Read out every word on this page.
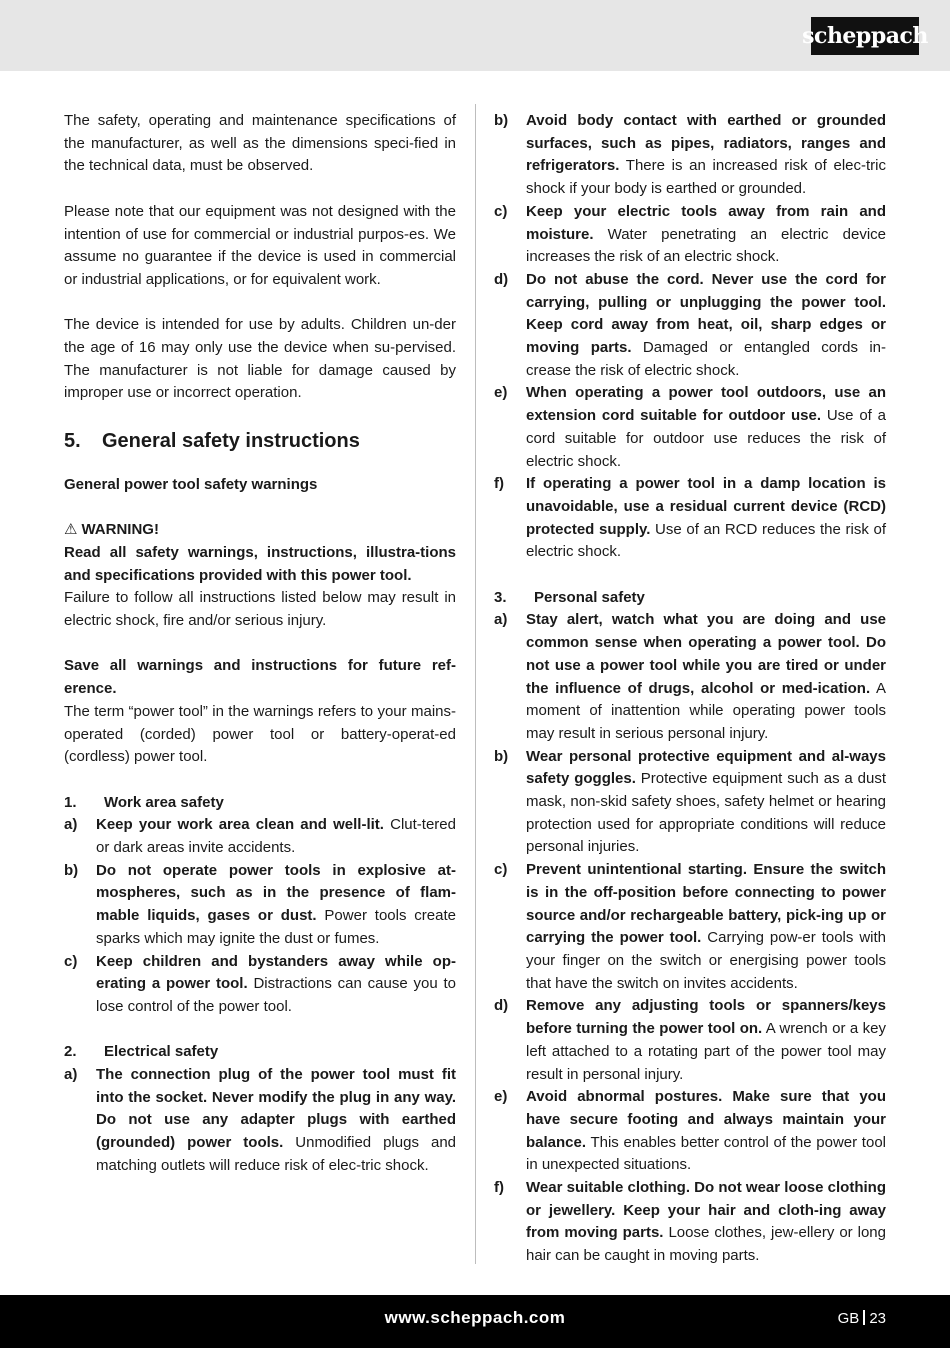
scheppach

The safety, operating and maintenance specifications of the manufacturer, as well as the dimensions speci-fied in the technical data, must be observed.

Please note that our equipment was not designed with the intention of use for commercial or industrial purpos-es. We assume no guarantee if the device is used in commercial or industrial applications, or for equivalent work.

The device is intended for use by adults. Children un-der the age of 16 may only use the device when su-pervised. The manufacturer is not liable for damage caused by improper use or incorrect operation.

5. General safety instructions

General power tool safety warnings

⚠ WARNING!

Read all safety warnings, instructions, illustra-tions and specifications provided with this power tool.

Failure to follow all instructions listed below may result in electric shock, fire and/or serious injury.

Save all warnings and instructions for future ref-erence.

The term “power tool” in the warnings refers to your mains-operated (corded) power tool or battery-operat-ed (cordless) power tool.

1. Work area safety

a) Keep your work area clean and well-lit. Clut-tered or dark areas invite accidents.
b) Do not operate power tools in explosive at-mospheres, such as in the presence of flam-mable liquids, gases or dust. Power tools create sparks which may ignite the dust or fumes.
c) Keep children and bystanders away while op-erating a power tool. Distractions can cause you to lose control of the power tool.

2. Electrical safety

a) The connection plug of the power tool must fit into the socket. Never modify the plug in any way. Do not use any adapter plugs with earthed (grounded) power tools. Unmodified plugs and matching outlets will reduce risk of elec-tric shock.
b) Avoid body contact with earthed or grounded surfaces, such as pipes, radiators, ranges and refrigerators. There is an increased risk of elec-tric shock if your body is earthed or grounded.
c) Keep your electric tools away from rain and moisture. Water penetrating an electric device increases the risk of an electric shock.
d) Do not abuse the cord. Never use the cord for carrying, pulling or unplugging the power tool. Keep cord away from heat, oil, sharp edges or moving parts. Damaged or entangled cords in-crease the risk of electric shock.
e) When operating a power tool outdoors, use an extension cord suitable for outdoor use. Use of a cord suitable for outdoor use reduces the risk of electric shock.
f) If operating a power tool in a damp location is unavoidable, use a residual current device (RCD) protected supply. Use of an RCD reduces the risk of electric shock.

3. Personal safety

a) Stay alert, watch what you are doing and use common sense when operating a power tool. Do not use a power tool while you are tired or under the influence of drugs, alcohol or med-ication. A moment of inattention while operating power tools may result in serious personal injury.
b) Wear personal protective equipment and al-ways safety goggles. Protective equipment such as a dust mask, non-skid safety shoes, safety helmet or hearing protection used for appropriate conditions will reduce personal injuries.
c) Prevent unintentional starting. Ensure the switch is in the off-position before connecting to power source and/or rechargeable battery, pick-ing up or carrying the power tool. Carrying pow-er tools with your finger on the switch or energising power tools that have the switch on invites accidents.
d) Remove any adjusting tools or spanners/keys before turning the power tool on. A wrench or a key left attached to a rotating part of the power tool may result in personal injury.
e) Avoid abnormal postures. Make sure that you have secure footing and always maintain your balance. This enables better control of the power tool in unexpected situations.
f) Wear suitable clothing. Do not wear loose clothing or jewellery. Keep your hair and cloth-ing away from moving parts. Loose clothes, jew-ellery or long hair can be caught in moving parts.
www.scheppach.com	GB 23
